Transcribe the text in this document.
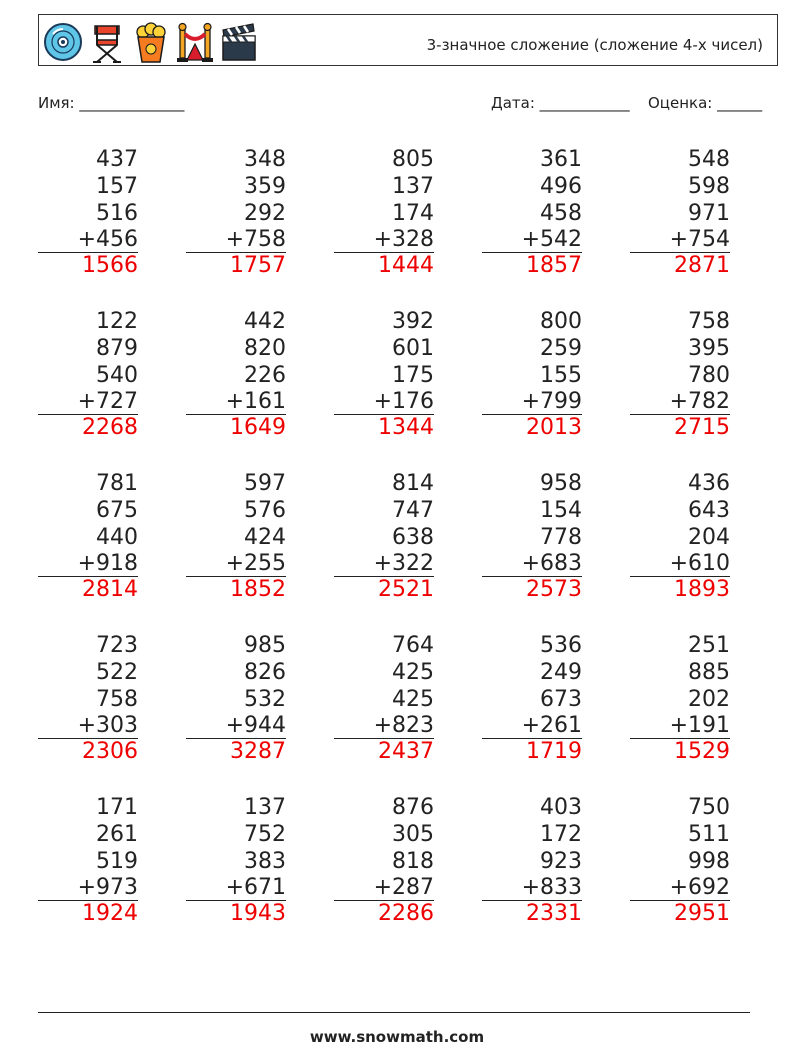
3-значное сложение (сложение 4-х чисел)
Имя: ______________	Дата: ____________ Оценка: ______
437
157
516
+456
1566
348
359
292
+758
1757
805
137
174
+328
1444
361
496
458
+542
1857
548
598
971
+754
2871
122
879
540
+727
2268
442
820
226
+161
1649
392
601
175
+176
1344
800
259
155
+799
2013
758
395
780
+782
2715
781
675
440
+918
2814
597
576
424
+255
1852
814
747
638
+322
2521
958
154
778
+683
2573
436
643
204
+610
1893
723
522
758
+303
2306
985
826
532
+944
3287
764
425
425
+823
2437
536
249
673
+261
1719
251
885
202
+191
1529
171
261
519
+973
1924
137
752
383
+671
1943
876
305
818
+287
2286
403
172
923
+833
2331
750
511
998
+692
2951
www.snowmath.com
